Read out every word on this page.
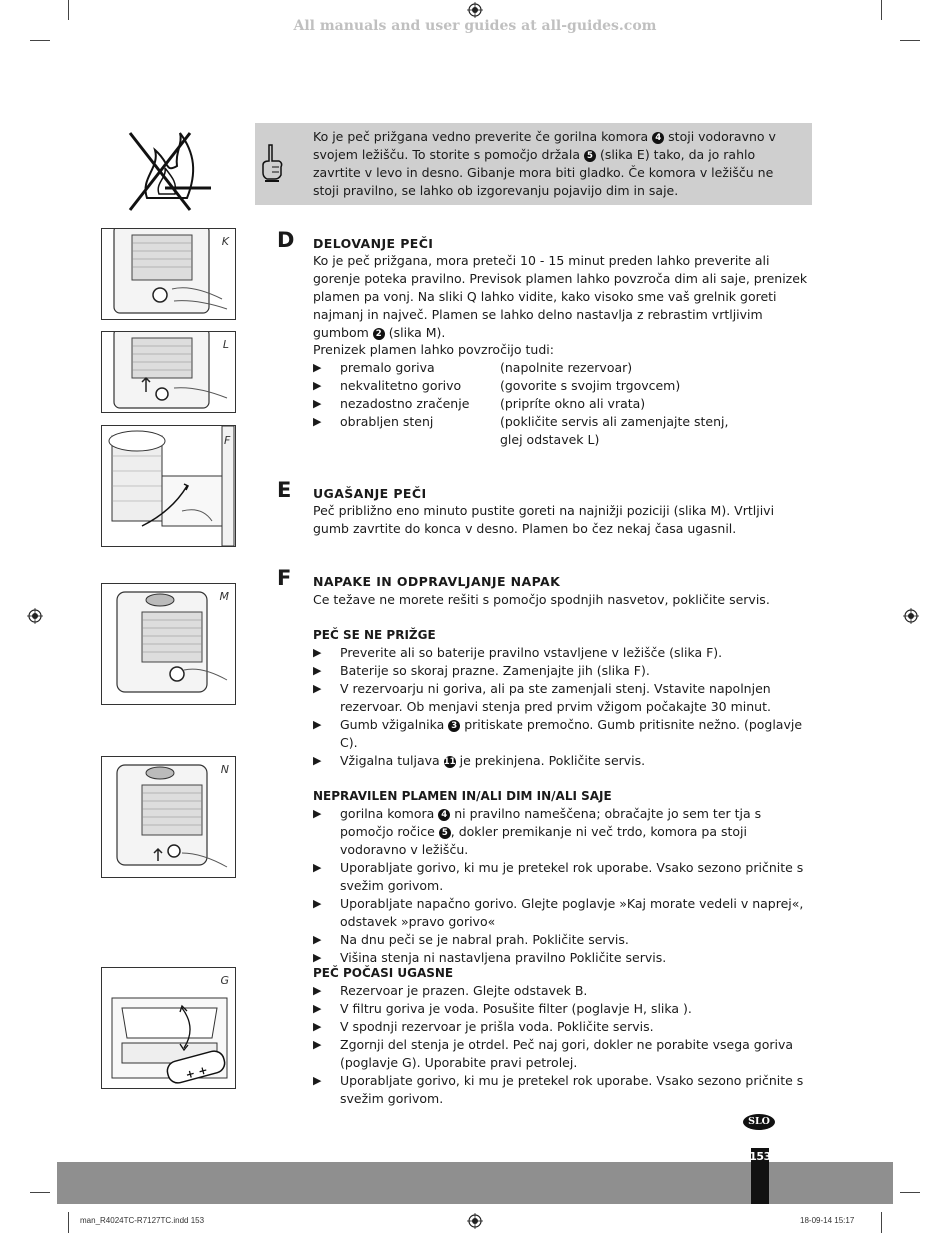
All manuals and user guides at all-guides.com
Ko je peč prižgana vedno preverite če gorilna komora 4 stoji vodoravno v svojem ležišču. To storite s pomočjo držala 5 (slika E) tako, da jo rahlo zavrtite v levo in desno. Gibanje mora biti gladko. Če komora v ležišču ne stoji pravilno, se lahko ob izgorevanju pojavijo dim in saje.
K
L
F
M
N
+ +
G
D DELOVANJE PEČI
Ko je peč prižgana, mora preteči 10 - 15 minut preden lahko preverite ali gorenje poteka pravilno. Previsok plamen lahko povzroča dim ali saje, prenizek plamen pa vonj. Na sliki Q lahko vidite, kako visoko sme vaš grelnik goreti najmanj in največ. Plamen se lahko delno nastavlja z rebrastim vrtljivim gumbom 2 (slika M).
Prenizek plamen lahko povzročijo tudi:
▶ premalo goriva	(napolnite rezervoar)
▶ nekvalitetno gorivo	(govorite s svojim trgovcem)
▶ nezadostno zračenje (pripríte okno ali vrata)
▶ obrabljen stenj	(pokličite servis ali zamenjajte stenj,
glej odstavek L)
E UGAŠANJE PEČI
Peč približno eno minuto pustite goreti na najnižji poziciji (slika M). Vrtljivi gumb zavrtite do konca v desno. Plamen bo čez nekaj časa ugasnil.
F NAPAKE IN ODPRAVLJANJE NAPAK
Ce težave ne morete rešiti s pomočjo spodnjih nasvetov, pokličite servis.
PEČ SE NE PRIŽGE
▶ Preverite ali so baterije pravilno vstavljene v ležišče (slika F).
▶ Baterije so skoraj prazne. Zamenjajte jih (slika F).
▶ V rezervoarju ni goriva, ali pa ste zamenjali stenj. Vstavite napolnjen rezervoar. Ob menjavi stenja pred prvim vžigom počakajte 30 minut.
▶ Gumb vžigalnika 3 pritiskate premočno. Gumb pritisnite nežno. (poglavje C).
▶ Vžigalna tuljava 11 je prekinjena. Pokličite servis.
NEPRAVILEN PLAMEN IN/ALI DIM IN/ALI SAJE
▶ gorilna komora 4 ni pravilno nameščena; obračajte jo sem ter tja s pomočjo ročice 5 , dokler premikanje ni več trdo, komora pa stoji vodoravno v ležišču.
▶ Uporabljate gorivo, ki mu je pretekel rok uporabe. Vsako sezono pričnite s svežim gorivom.
▶ Uporabljate napačno gorivo. Glejte poglavje »Kaj morate vedeli v naprej«, odstavek »pravo gorivo«
▶ Na dnu peči se je nabral prah. Pokličite servis.
▶ Višina stenja ni nastavljena pravilno Pokličite servis.
PEČ POČASI UGASNE
▶ Rezervoar je prazen. Glejte odstavek B.
▶ V filtru goriva je voda. Posušite filter (poglavje H, slika ).
▶ V spodnji rezervoar je prišla voda. Pokličite servis.
▶ Zgornji del stenja je otrdel. Peč naj gori, dokler ne porabite vsega goriva (poglavje G). Uporabite pravi petrolej.
▶ Uporabljate gorivo, ki mu je pretekel rok uporabe. Vsako sezono pričnite s svežim gorivom.
SLO
153
man_R4024TC-R7127TC.indd 153	18-09-14 15:17
